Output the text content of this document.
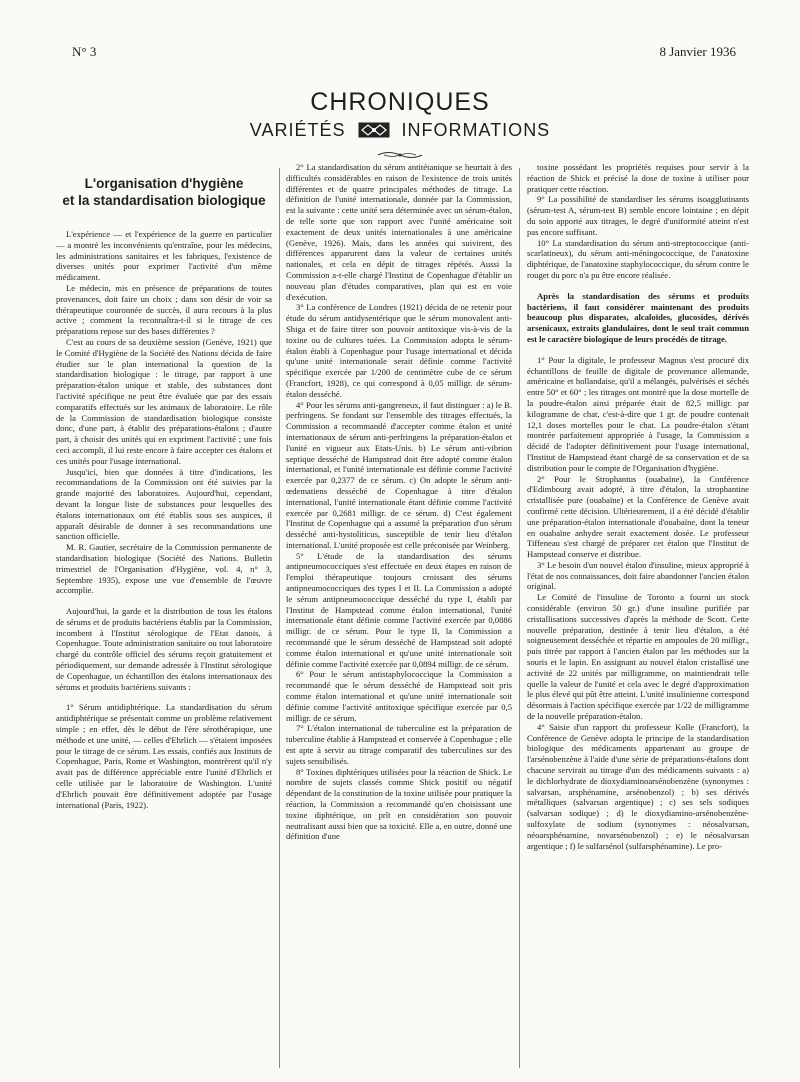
N° 3	8 Janvier 1936
CHRONIQUES
VARIÉTÉS	INFORMATIONS
L'organisation d'hygiène
et la standardisation biologique

L'expérience — et l'expérience de la guerre en particulier — a montré les inconvénients qu'entraîne, pour les médecins, les administrations sanitaires et les fabriques, l'existence de diverses unités pour exprimer l'activité d'un même médicament.

Le médecin, mis en présence de préparations de toutes provenances, doit faire un choix ; dans son désir de voir sa thérapeutique couronnée de succès, il aura recours à la plus active ; comment la reconnaîtra-t-il si le titrage de ces préparations repose sur des bases différentes ?

C'est au cours de sa deuxième session (Genève, 1921) que le Comité d'Hygiène de la Société des Nations décida de faire étudier sur le plan international la question de la standardisation biologique : le titrage, par rapport à une préparation-étalon unique et stable, des substances dont l'activité spécifique ne peut être évaluée que par des essais comparatifs effectués sur les animaux de laboratoire. Le rôle de la Commission de standardisation biologique consiste donc, d'une part, à établir des préparations-étalons ; d'autre part, à choisir des unités qui en expriment l'activité ; une fois ceci accompli, il lui reste encore à faire accepter ces étalons et ces unités pour l'usage international.

Jusqu'ici, bien que données à titre d'indications, les recommandations de la Commission ont été suivies par la grande majorité des laboratoires. Aujourd'hui, cependant, devant la longue liste de substances pour lesquelles des étalons internationaux ont été établis sous ses auspices, il apparaît désirable de donner à ses recommandations une sanction officielle.

M. R. Gautier, secrétaire de la Commission permanente de standardisation biologique (Société des Nations. Bulletin trimestriel de l'Organisation d'Hygiène, vol. 4, n° 3, Septembre 1935), expose une vue d'ensemble de l'œuvre accomplie.

Aujourd'hui, la garde et la distribution de tous les étalons de sérums et de produits bactériens établis par la Commission, incombent à l'Institut sérologique de l'Etat danois, à Copenhague. Toute administration sanitaire ou tout laboratoire chargé du contrôle officiel des sérums reçoit gratuitement et périodiquement, sur demande adressée à l'Institut sérologique de Copenhague, un échantillon des étalons internationaux des sérums et produits bactériens suivants :

1° Sérum antidiphtérique. La standardisation du sérum antidiphtérique se présentait comme un problème relativement simple ; en effet, dès le début de l'ère sérothérapique, une méthode et une unité, — celles d'Ehrlich — s'étaient imposées pour le titrage de ce sérum. Les essais, confiés aux Instituts de Copenhague, Paris, Rome et Washington, montrèrent qu'il n'y avait pas de différence appréciable entre l'unité d'Ehrlich et celle utilisée par le laboratoire de Washington. L'unité d'Ehrlich pouvait être définitivement adoptée par l'usage international (Paris, 1922).

2° La standardisation du sérum antitétanique se heurtait à des difficultés considérables en raison de l'existence de trois unités différentes et de quatre principales méthodes de titrage. La définition de l'unité internationale, donnée par la Commission, est la suivante : cette unité sera déterminée avec un sérum-étalon, de telle sorte que son rapport avec l'unité américaine soit exactement de deux unités internationales à une américaine (Genève, 1926). Mais, dans les années qui suivirent, des différences apparurent dans la valeur de certaines unités nationales, et cela en dépit de titrages répétés. Aussi la Commission a-t-elle chargé l'Institut de Copenhague d'établir un nouveau plan d'études comparatives, plan qui est en voie d'exécution.

3° La conférence de Londres (1921) décida de ne retenir pour étude du sérum antidysentérique que le sérum monovalent anti-Shiga et de faire titrer son pouvoir antitoxique vis-à-vis de la toxine ou de cultures tuées. La Commission adopta le sérum-étalon établi à Copenhague pour l'usage international et décida qu'une unité internationale serait définie comme l'activité spécifique exercée par 1/200 de centimètre cube de ce sérum (Francfort, 1928), ce qui correspond à 0,05 milligr. de sérum-étalon desséché.

4° Pour les sérums anti-gangreneux, il faut distinguer : a) le B. perfringens. Se fondant sur l'ensemble des titrages effectués, la Commission a recommandé d'accepter comme étalon et unité internationaux de sérum anti-perfringens la préparation-étalon et l'unité en vigueur aux Etats-Unis. b) Le sérum anti-vibrion septique desséché de Hampstead doit être adopté comme étalon international, et l'unité internationale est définie comme l'activité exercée par 0,2377 de ce sérum. c) On adopte le sérum anti-œdematiens desséché de Copenhague à titre d'étalon international, l'unité internationale étant définie comme l'activité exercée par 0,2681 milligr. de ce sérum. d) C'est également l'Institut de Copenhague qui a assumé la préparation d'un sérum desséché anti-hystoliticus, susceptible de tenir lieu d'étalon international. L'unité proposée est celle préconisée par Weinberg.

5° L'étude de la standardisation des sérums antipneumococciques s'est effectuée en deux étapes en raison de l'emploi thérapeutique toujours croissant des sérums antipneumococciques des types I et II. La Commission a adopté le sérum antipneumococcique desséché du type I, établi par l'Institut de Hampstead comme étalon international, l'unité internationale étant définie comme l'activité exercée par 0,0886 milligr. de ce sérum. Pour le type II, la Commission a recommandé que le sérum desséché de Hampstead soit adopté comme étalon international et qu'une unité internationale soit définie comme l'activité exercée par 0,0894 milligr. de ce sérum.

6° Pour le sérum antistaphylococcique la Commission a recommandé que le sérum desséché de Hampstead soit pris comme étalon international et qu'une unité internationale soit définie comme l'activité antitoxique spécifique exercée par 0,5 milligr. de ce sérum.

7° L'étalon international de tuberculine est la préparation de tuberculine établie à Hampstead et conservée à Copenhague ; elle est apte à servir au titrage comparatif des tuberculines sur des sujets sensibilisés.

8° Toxines diphtériques utilisées pour la réaction de Shick. Le nombre de sujets classés comme Shick positif ou négatif dépendant de la constitution de la toxine utilisée pour pratiquer la réaction, la Commission a recommandé qu'en choisissant une toxine diphtérique, on prît en considération son pouvoir neutralisant aussi bien que sa toxicité. Elle a, en outre, donné une définition d'une

toxine possédant les propriétés requises pour servir à la réaction de Shick et précisé la dose de toxine à utiliser pour pratiquer cette réaction.

9° La possibilité de standardiser les sérums isoagglutinants (sérum-test A, sérum-test B) semble encore lointaine ; en dépit du soin apporté aux titrages, le degré d'uniformité atteint n'est pas encore suffisant.

10° La standardisation du sérum anti-streptococcique (anti-scarlatineux), du sérum anti-méningococcique, de l'anatoxine diphtérique, de l'anatoxine staphylococcique, du sérum contre le rouget du porc n'a pu être encore réalisée.

Après la standardisation des sérums et produits bactériens, il faut considérer maintenant des produits beaucoup plus disparates, alcaloïdes, glucosides, dérivés arsenicaux, extraits glandulaires, dont le seul trait commun est le caractère biologique de leurs procédés de titrage.

1° Pour la digitale, le professeur Magnus s'est procuré dix échantillons de feuille de digitale de provenance allemande, américaine et hollandaise, qu'il a mélangés, pulvérisés et séchés entre 50° et 60° ; les titrages ont montré que la dose mortelle de la poudre-étalon ainsi préparée était de 82,5 milligr. par kilogramme de chat, c'est-à-dire que 1 gr. de poudre contenait 12,1 doses mortelles pour le chat. La poudre-étalon s'étant montrée parfaitement appropriée à l'usage, la Commission a décidé de l'adopter définitivement pour l'usage international, l'Institut de Hampstead étant chargé de sa conservation et de sa distribution pour le compte de l'Organisation d'hygiène.

2° Pour le Strophantus (ouabaïne), la Conférence d'Edimbourg avait adopté, à titre d'étalon, la strophantine cristallisée pure (ouabaïne) et la Conférence de Genève avait confirmé cette décision. Ultérieurement, il a été décidé d'établir une préparation-étalon internationale d'ouabaïne, dont la teneur en ouabaïne anhydre serait exactement dosée. Le professeur Tiffeneau s'est chargé de préparer cet étalon que l'Institut de Hampstead conserve et distribue.

3° Le besoin d'un nouvel étalon d'insuline, mieux approprié à l'état de nos connaissances, doit faire abandonner l'ancien étalon original.

Le Comité de l'insuline de Toronto a fourni un stock considérable (environ 50 gr.) d'une insuline purifiée par cristallisations successives d'après la méthode de Scott. Cette nouvelle préparation, destinée à tenir lieu d'étalon, a été soigneusement desséchée et répartie en ampoules de 20 milligr., puis titrée par rapport à l'ancien étalon par les méthodes sur la souris et le lapin. En assignant au nouvel étalon cristallisé une activité de 22 unités par milligramme, on maintiendrait telle quelle la valeur de l'unité et cela avec le degré d'approximation le plus élevé qui pût être atteint. L'unité insulinienne correspond désormais à l'action spécifique exercée par 1/22 de milligramme de la nouvelle préparation-étalon.

4° Saisie d'un rapport du professeur Kolle (Francfort), la Conférence de Genève adopta le principe de la standardisation biologique des médicaments appartenant au groupe de l'arsénobenzène à l'aide d'une série de préparations-étalons dont chacune servirait au titrage d'un des médicaments suivants : a) le dichlorhydrate de dioxydiaminoarsénobenzène (synonymes : salvarsan, arsphénamine, arsénobenzol) ; b) ses dérivés métalliques (salvarsan argentique) ; c) ses sels sodiques (salvarsan sodique) ; d) le dioxydiamino-arsénobenzène-sulfoxylate de sodium (synonymes : néosalvarsan, néoarsphénamine, novarsénobenzol) ; e) le néosalvarsan argentique ; f) le sulfarsénol (sulfarsphénamine). Le pro-
